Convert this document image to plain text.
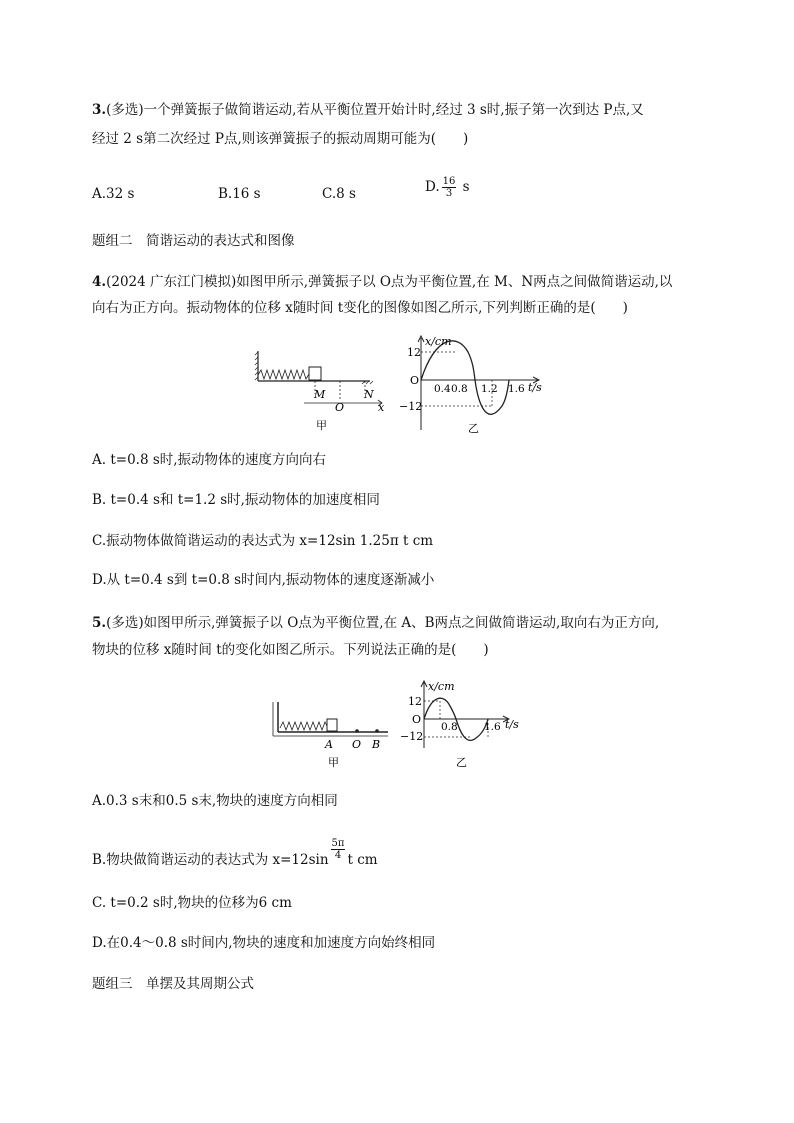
3.(多选)一个弹簧振子做简谐运动,若从平衡位置开始计时,经过 3 s时,振子第一次到达 P点,又
经过 2 s第二次经过 P点,则该弹簧振子的振动周期可能为(　　)
A.32 s	B.16 s	C.8 s	D. $\frac{16}{3}$ s
题组二　简谐运动的表达式和图像
4.(2024 广东江门模拟)如图甲所示,弹簧振子以 O点为平衡位置,在 M、N两点之间做简谐运动,以
向右为正方向。振动物体的位移 x随时间 t变化的图像如图乙所示,下列判断正确的是(　　)
M
O
N
x
甲
x/cm
12
O
−12
0.4 0.8 1.2 1.6 t/s
乙
A. t=0.8 s时,振动物体的速度方向向右
B. t=0.4 s和 t=1.2 s时,振动物体的加速度相同
C.振动物体做简谐运动的表达式为 x=12sin 1.25π t cm
D.从 t=0.4 s到 t=0.8 s时间内,振动物体的速度逐渐减小
5.(多选)如图甲所示,弹簧振子以 O点为平衡位置,在 A、B两点之间做简谐运动,取向右为正方向,
物块的位移 x随时间 t的变化如图乙所示。下列说法正确的是(　　)
A O B
甲
x/cm
12
O
−12
0.8	1.6 t/s
乙
A.0.3 s末和0.5 s末,物块的速度方向相同
B.物块做简谐运动的表达式为 $x=12\sin \frac{5\pi}{4}$ t cm
C. t=0.2 s时,物块的位移为6 cm
D.在0.4～0.8 s时间内,物块的速度和加速度方向始终相同
题组三　单摆及其周期公式
